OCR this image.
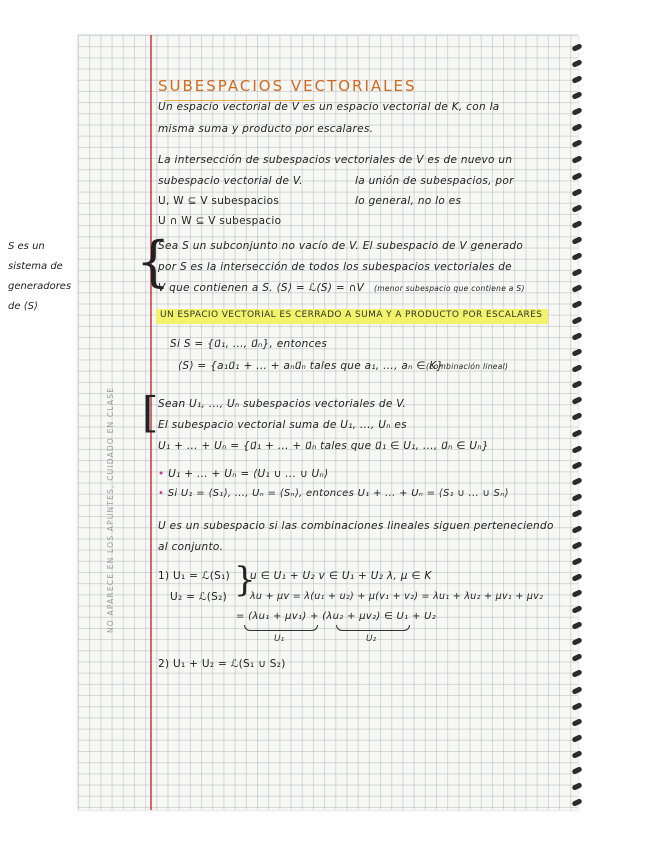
SUBESPACIOS VECTORIALES
Un espacio vectorial de V es un espacio vectorial de K, con la
misma suma y producto por escalares.
La intersección de subespacios vectoriales de V es de nuevo un
subespacio vectorial de V.	la unión de subespacios, por
U, W ⊆ V subespacios	lo general, no lo es
U ∩ W ⊆ V subespacio
S es un
sistema de
generadores
de ⟨S⟩
{
Sea S un subconjunto no vacío de V. El subespacio de V generado
por S es la intersección de todos los subespacios vectoriales de
V que contienen a S. ⟨S⟩ = ℒ(S) = ∩V (menor subespacio que contiene a S)
UN ESPACIO VECTORIAL ES CERRADO A SUMA Y A PRODUCTO POR ESCALARES
Si S = {u⃗₁, ..., u⃗ₙ}, entonces
⟨S⟩ = {a₁u⃗₁ + ... + aₙu⃗ₙ tales que a₁, ..., aₙ ∈ K}
(combinación lineal)
[ Sean U₁, ..., Uₙ subespacios vectoriales de V.
El subespacio vectorial suma de U₁, ..., Uₙ es
U₁ + ... + Uₙ = {u⃗₁ + ... + u⃗ₙ tales que u⃗₁ ∈ U₁, ..., u⃗ₙ ∈ Uₙ}
• U₁ + ... + Uₙ = ⟨U₁ ∪ ... ∪ Uₙ⟩
• Si U₁ = ⟨S₁⟩, ..., Uₙ = ⟨Sₙ⟩, entonces U₁ + ... + Uₙ = ⟨S₁ ∪ ... ∪ Sₙ⟩
U es un subespacio si las combinaciones lineales siguen perteneciendo
al conjunto.
NO APARECE EN LOS APUNTES, CUIDADO EN CLASE	1) U₁ = ℒ(S₁)
U₂ = ℒ(S₂) }
u ∈ U₁ + U₂ v ∈ U₁ + U₂ λ, μ ∈ K
λu + μv = λ(u₁ + u₂) + μ(v₁ + v₂) = λu₁ + λu₂ + μv₁ + μv₂
= (λu₁ + μv₁) + (λu₂ + μv₂) ∈ U₁ + U₂
U₁	U₂
2) U₁ + U₂ = ℒ(S₁ ∪ S₂)
